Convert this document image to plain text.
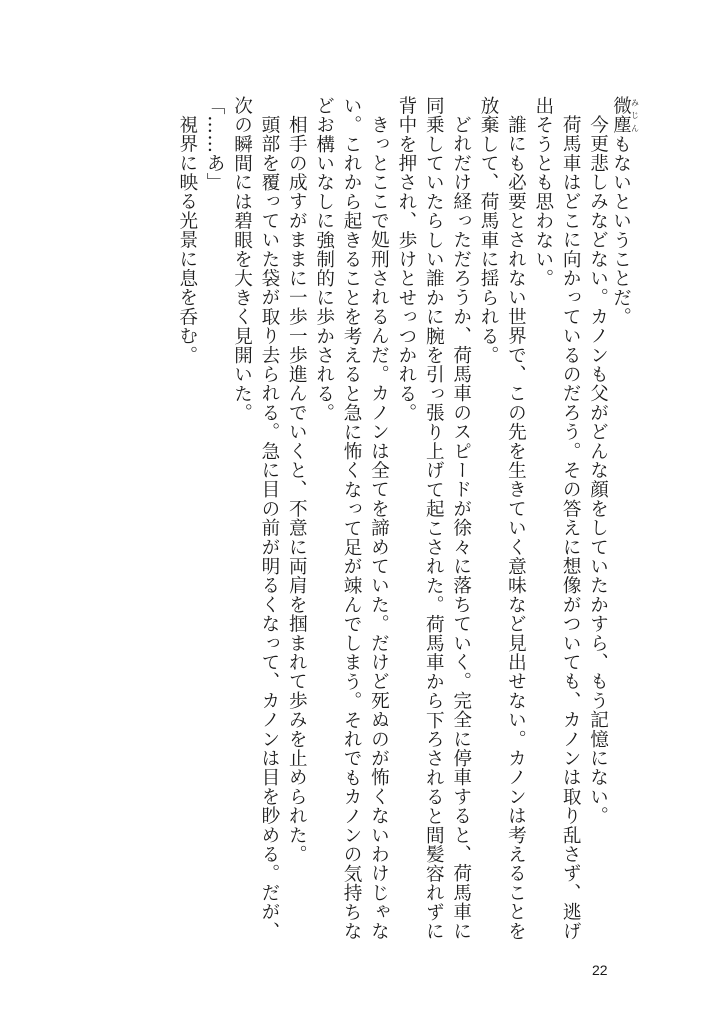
微塵 みじんもないということだ。

今更悲しみなどない。カノンも父がどんな顔をしていたかすら、もう記憶にない。

荷馬車はどこに向かっているのだろう。その答えに想像がついても、カノンは取り乱さず、逃げ

出そうとも思わない。

誰にも必要とされない世界で、この先を生きていく意味など見出せない。カノンは考えることを

放棄して、荷馬車に揺られる。

どれだけ経っただろうか、荷馬車のスピードが徐々に落ちていく。完全に停車すると、荷馬車に

同乗していたらしい誰かに腕を引っ張り上げて起こされた。荷馬車から下ろされると間髪容れずに

背中を押され、歩けとせっつかれる。

きっとここで処刑されるんだ。カノンは全てを諦めていた。だけど死ぬのが怖くないわけじゃな

い。これから起きることを考えると急に怖くなって足が竦んでしまう。それでもカノンの気持ちな

どお構いなしに強制的に歩かされる。

相手の成すがままに一歩一歩進んでいくと、不意に両肩を掴まれて歩みを止められた。

頭部を覆っていた袋が取り去られる。急に目の前が明るくなって、カノンは目を眇める。だが、

次の瞬間には碧眼を大きく見開いた。

「……あ」

視界に映る光景に息を呑む。

22
